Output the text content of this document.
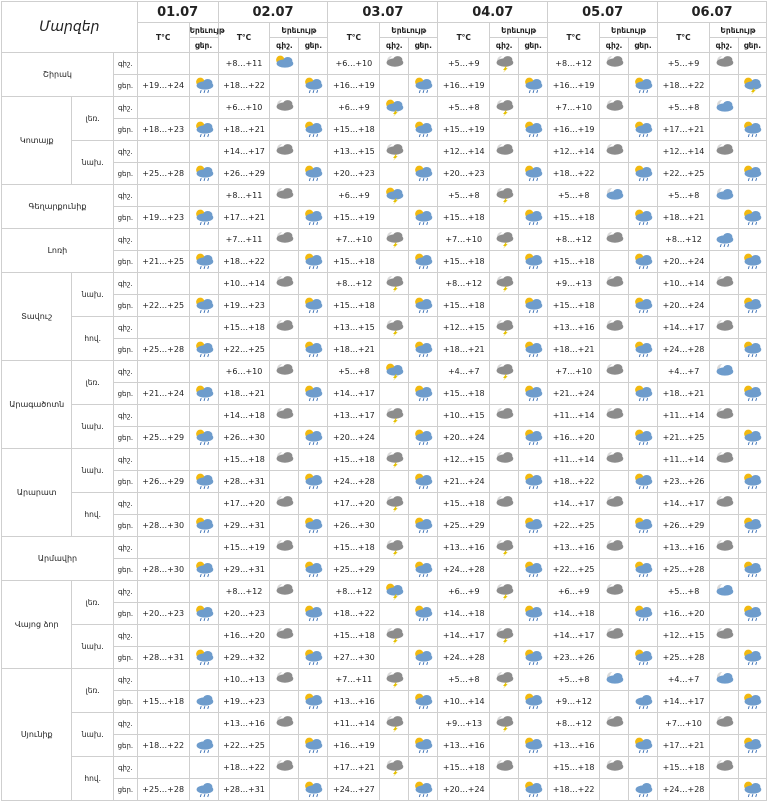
Մարզեր			01.07		02.07			03.07			04.07			05.07			06.07		
			T°C	Երեւույթ	T°C	Երեւույթ		T°C	Երեւույթ		T°C	Երեւույթ		T°C	Երեւույթ		T°C	Երեւույթ	
				ցեր.		գիշ.	ցեր.		գիշ.	ցեր.		գիշ.	ցեր.		գիշ.	ցեր.		գիշ.	ցեր.
Շիրակ		գիշ.			+8…+11			+6…+10			+5…+9			+8…+12			+5…+9	

		ցեր.	+19…+24		+18…+22			+16…+19			+16…+19			+16…+19			+18…+22		

Կոտայք	լեռ.	գիշ.			+6…+10			+6…+9			+5…+8			+7…+10			+5…+8	

		ցեր.	+18…+23		+18…+21			+15…+18			+15…+19			+16…+19			+17…+21		

	նախ.	գիշ.			+14…+17			+13…+15			+12…+14			+12…+14			+12…+14	

		ցեր.	+25…+28		+26…+29			+20…+23			+20…+23			+18…+22			+22…+25		

Գեղարքունիք		գիշ.			+8…+11			+6…+9			+5…+8			+5…+8			+5…+8	

		ցեր.	+19…+23		+17…+21			+15…+19			+15…+18			+15…+18			+18…+21		

Լոռի		գիշ.			+7…+11			+7…+10			+7…+10			+8…+12			+8…+12	

		ցեր.	+21…+25		+18…+22			+15…+18			+15…+18			+15…+18			+20…+24		

Տավուշ	նախ.	գիշ.			+10…+14			+8…+12			+8…+12			+9…+13			+10…+14	

		ցեր.	+22…+25		+19…+23			+15…+18			+15…+18			+15…+18			+20…+24		

	հով.	գիշ.			+15…+18			+13…+15			+12…+15			+13…+16			+14…+17	

		ցեր.	+25…+28		+22…+25			+18…+21			+18…+21			+18…+21			+24…+28		

Արագածոտն	լեռ.	գիշ.			+6…+10			+5…+8			+4…+7			+7…+10			+4…+7	

		ցեր.	+21…+24		+18…+21			+14…+17			+15…+18			+21…+24			+18…+21		

	նախ.	գիշ.			+14…+18			+13…+17			+10…+15			+11…+14			+11…+14	

		ցեր.	+25…+29		+26…+30			+20…+24			+20…+24			+16…+20			+21…+25		

Արարատ	նախ.	գիշ.			+15…+18			+15…+18			+12…+15			+11…+14			+11…+14	

		ցեր.	+26…+29		+28…+31			+24…+28			+21…+24			+18…+22			+23…+26		

	հով.	գիշ.			+17…+20			+17…+20			+15…+18			+14…+17			+14…+17	

		ցեր.	+28…+30		+29…+31			+26…+30			+25…+29			+22…+25			+26…+29		

Արմավիր		գիշ.			+15…+19			+15…+18			+13…+16			+13…+16			+13…+16	

		ցեր.	+28…+30		+29…+31			+25…+29			+24…+28			+22…+25			+25…+28		

Վայոց ձոր	լեռ.	գիշ.			+8…+12			+8…+12			+6…+9			+6…+9			+5…+8	

		ցեր.	+20…+23		+20…+23			+18…+22			+14…+18			+14…+18			+16…+20		

	նախ.	գիշ.			+16…+20			+15…+18			+14…+17			+14…+17			+12…+15	

		ցեր.	+28…+31		+29…+32			+27…+30			+24…+28			+23…+26			+25…+28		

Սյունիք	լեռ.	գիշ.			+10…+13			+7…+11			+5…+8			+5…+8			+4…+7	

		ցեր.	+15…+18		+19…+23			+13…+16			+10…+14			+9…+12			+14…+17		

	նախ.	գիշ.			+13…+16			+11…+14			+9…+13			+8…+12			+7…+10	

		ցեր.	+18…+22		+22…+25			+16…+19			+13…+16			+13…+16			+17…+21		

	հով.	գիշ.			+18…+22			+17…+21			+15…+18			+15…+18			+15…+18	

		ցեր.	+25…+28		+28…+31			+24…+27			+20…+24			+18…+22			+24…+28		
